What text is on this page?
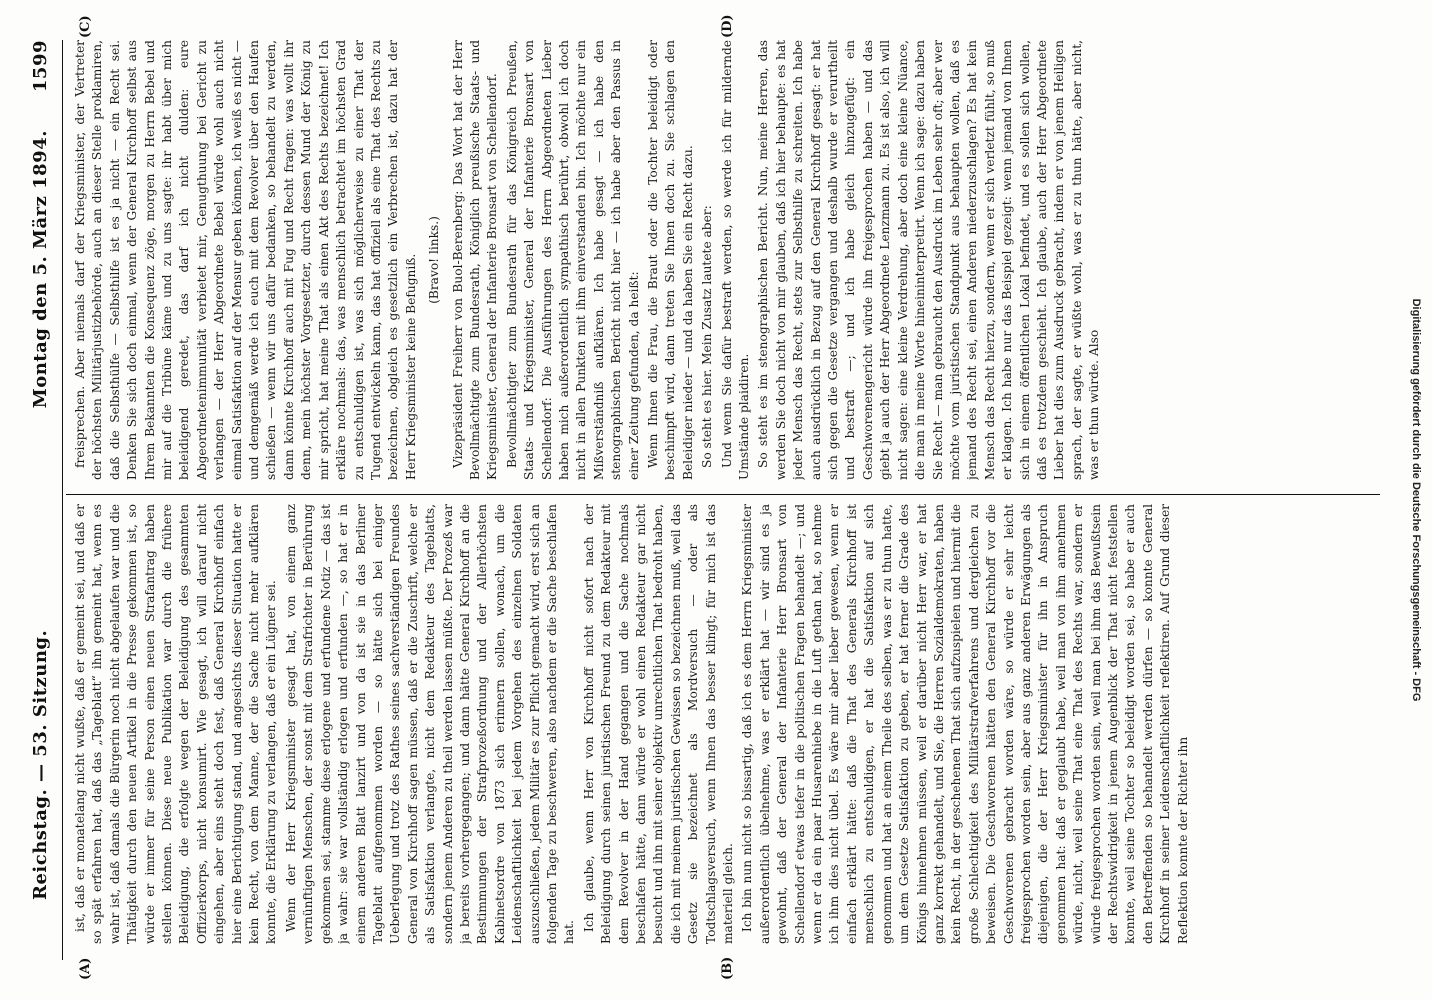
Reichstag. — 53. Sitzung.
Montag den 5. März 1894.
1599
(A)	(B)
(C)	(D)

ist, daß er monatelang nicht wußte, daß er gemeint sei, und daß er so spät erfahren hat, daß das „Tageblatt“ ihn gemeint hat, wenn es wahr ist, daß damals die Bürgerin noch nicht abgelaufen war und die Thätigkeit durch den neuen Artikel in die Presse gekommen ist, so würde er immer für seine Person einen neuen Strafantrag haben stellen können. Diese neue Publikation war durch die frühere Beleidigung, die erfolgte wegen der Beleidigung des gesammten Offizierkorps, nicht konsumirt. Wie gesagt, ich will darauf nicht eingehen, aber eins steht doch fest, daß General Kirchhoff einfach hier eine Berichtigung stand, und angesichts dieser Situation hatte er kein Recht, von dem Manne, der die Sache nicht mehr aufklären konnte, die Erklärung zu verlangen, daß er ein Lügner sei. Wenn der Herr Kriegsminister gesagt hat, von einem ganz vernünftigen Menschen, der sonst mit dem Strafrichter in Berührung gekommen sei, stamme diese erlogene und erfundene Notiz — das ist ja wahr: sie war vollständig erlogen und erfunden —, so hat er in einem anderen Blatt lanzirt und von da ist sie in das Berliner Tageblatt aufgenommen worden — so hätte sich bei einiger Ueberlegung und trotz des Rathes seines sachverständigen Freundes General von Kirchhoff sagen müssen, daß er die Zuschrift, welche er als Satisfaktion verlangte, nicht dem Redakteur des Tageblatts, sondern jenem Anderen zu theil werden lassen müßte. Der Prozeß war ja bereits vorhergegangen; und dann hätte General Kirchhoff an die Bestimmungen der Strafprozeßordnung und der Allerhöchsten Kabinetsordre von 1873 sich erinnern sollen, wonach, um die Leidenschaftlichkeit bei jedem Vorgehen des einzelnen Soldaten auszuschließen, jedem Militär es zur Pflicht gemacht wird, erst sich an folgenden Tage zu beschweren, also nachdem er die Sache beschlafen hat.

Ich glaube, wenn Herr von Kirchhoff nicht sofort nach der Beleidigung durch seinen juristischen Freund zu dem Redakteur mit dem Revolver in der Hand gegangen und die Sache nochmals beschlafen hätte, dann würde er wohl einen Redakteur gar nicht besucht und ihn mit seiner objektiv unrechtlichen That bedroht haben, die ich mit meinem juristischen Gewissen so bezeichnen muß, weil das Gesetz sie bezeichnet als Mordversuch — oder als Todtschlagsversuch, wenn Ihnen das besser klingt; für mich ist das materiell gleich. Ich bin nun nicht so bissartig, daß ich es dem Herrn Kriegsminister außerordentlich übelnehme, was er erklärt hat — wir sind es ja gewohnt, daß der General der Infanterie Herr Bronsart von Schellendorf etwas tiefer in die politischen Fragen behandelt —; und wenn er da ein paar Husarenhiebe in die Luft gethan hat, so nehme ich ihm dies nicht übel. Es wäre mir aber lieber gewesen, wenn er einfach erklärt hätte: daß die That des Generals Kirchhoff ist menschlich zu entschuldigen, er hat die Satisfaktion auf sich genommen und hat an einem Theile des selben, was er zu thun hatte, um dem Gesetze Satisfaktion zu geben, er hat ferner die Grade des Königs hinnehmen müssen, weil er darüber nicht Herr war, er hat ganz korrekt gehandelt, und Sie, die Herren Sozialdemokraten, haben kein Recht, in der geschehenen That sich aufzuspielen und hiermit die große Schlechtigkeit des Militärstrafverfahrens und dergleichen zu beweisen. Die Geschworenen hätten den General Kirchhoff vor die Geschworenen gebracht worden wäre, so würde er sehr leicht freigesprochen worden sein, aber aus ganz anderen Erwägungen als diejenigen, die der Herr Kriegsminister für ihn in Anspruch genommen hat: daß er geglaubt habe, weil man von ihm annehmen würde, nicht, weil seine That eine That des Rechts war, sondern er würde freigesprochen worden sein, weil man bei ihm das Bewußtsein der Rechtswidrigkeit in jenem Augenblick der That nicht feststellen konnte, weil seine Tochter so beleidigt worden sei, so habe er auch den Betreffenden so behandelt werden dürfen — so konnte General Kirchhoff in seiner Leidenschaftlichkeit reflektiren. Auf Grund dieser Reflektion konnte der Richter ihn

freisprechen. Aber niemals darf der Kriegsminister, der Vertreter der höchsten Militärjustizbehörde, auch an dieser Stelle proklamiren, daß die Selbsthülfe — Selbsthilfe ist es ja nicht — ein Recht sei. Denken Sie sich doch einmal, wenn der General Kirchhoff selbst aus Ihrem Bekannten die Konsequenz zöge, morgen zu Herrn Bebel und mir auf die Tribüne käme und zu uns sagte: ihr habt über mich beleidigend geredet, das darf ich nicht dulden: eure Abgeordnetenimmunität verbietet mir, Genugthuung bei Gericht zu verlangen — der Herr Abgeordnete Bebel würde wohl auch nicht einmal Satisfaktion auf der Mensur geben können, ich weiß es nicht — und demgemäß werde ich euch mit dem Revolver über den Haufen schießen — wenn wir uns dafür bedanken, so behandelt zu werden, dann könnte Kirchhoff auch mit Fug und Recht fragen: was wollt ihr denn, mein höchster Vorgesetzter, durch dessen Mund der König zu mir spricht, hat meine That als einen Akt des Rechts bezeichnet! Ich erkläre nochmals: das, was menschlich betrachtet im höchsten Grad zu entschuldigen ist, was sich möglicherweise zu einer That der Tugend entwickeln kann, das hat offiziell als eine That des Rechts zu bezeichnen, obgleich es gesetzlich ein Verbrechen ist, dazu hat der Herr Kriegsminister keine Befugniß. (Bravo! links.) Vizepräsident Freiherr von Buol-Berenberg: Das Wort hat der Herr Bevollmächtigte zum Bundesrath, Königlich preußische Staats- und Kriegsminister, General der Infanterie Bronsart von Schellendorf. Bevollmächtigter zum Bundesrath für das Königreich Preußen, Staats- und Kriegsminister, General der Infanterie Bronsart von Schellendorf: Die Ausführungen des Herrn Abgeordneten Lieber haben mich außerordentlich sympathisch berührt, obwohl ich doch nicht in allen Punkten mit ihm einverstanden bin. Ich möchte nur ein Mißverständniß aufklären. Ich habe gesagt — ich habe den stenographischen Bericht nicht hier — ich habe aber den Passus in einer Zeitung gefunden, da heißt: Wenn Ihnen die Frau, die Braut oder die Tochter beleidigt oder beschimpft wird, dann treten Sie Ihnen doch zu. Sie schlagen den Beleidiger nieder — und da haben Sie ein Recht dazu. So steht es hier. Mein Zusatz lautete aber: Und wenn Sie dafür bestraft werden, so werde ich für mildernde Umstände plaidiren. So steht es im stenographischen Bericht. Nun, meine Herren, das werden Sie doch nicht von mir glauben, daß ich hier behaupte: es hat jeder Mensch das Recht, stets zur Selbsthilfe zu schreiten. Ich habe auch ausdrücklich in Bezug auf den General Kirchhoff gesagt: er hat sich gegen die Gesetze vergangen und deshalb wurde er verurtheilt und bestraft —; und ich habe gleich hinzugefügt: ein Geschworenengericht würde ihn freigesprochen haben — und das giebt ja auch der Herr Abgeordnete Lenzmann zu. Es ist also, ich will nicht sagen: eine kleine Verdrehung, aber doch eine kleine Nüance, die man in meine Worte hineininterpretirt. Wenn ich sage: dazu haben Sie Recht — man gebraucht den Ausdruck im Leben sehr oft; aber wer möchte vom juristischen Standpunkt aus behaupten wollen, daß es jemand des Recht sei, einen Anderen niederzuschlagen? Es hat kein Mensch das Recht hierzu, sondern, wenn er sich verletzt fühlt, so muß er klagen. Ich habe nur das Beispiel gezeigt: wenn jemand von Ihnen sich in einem öffentlichen Lokal befindet, und es sollen sich wollen, daß es trotzdem geschieht. Ich glaube, auch der Herr Abgeordnete Lieber hat dies zum Ausdruck gebracht, indem er von jenem Heiligen sprach, der sagte, er wüßte wohl, was er zu thun hätte, aber nicht, was er thun würde. Also	Digitalisierung gefördert durch die Deutsche Forschungsgemeinschaft - DFG
